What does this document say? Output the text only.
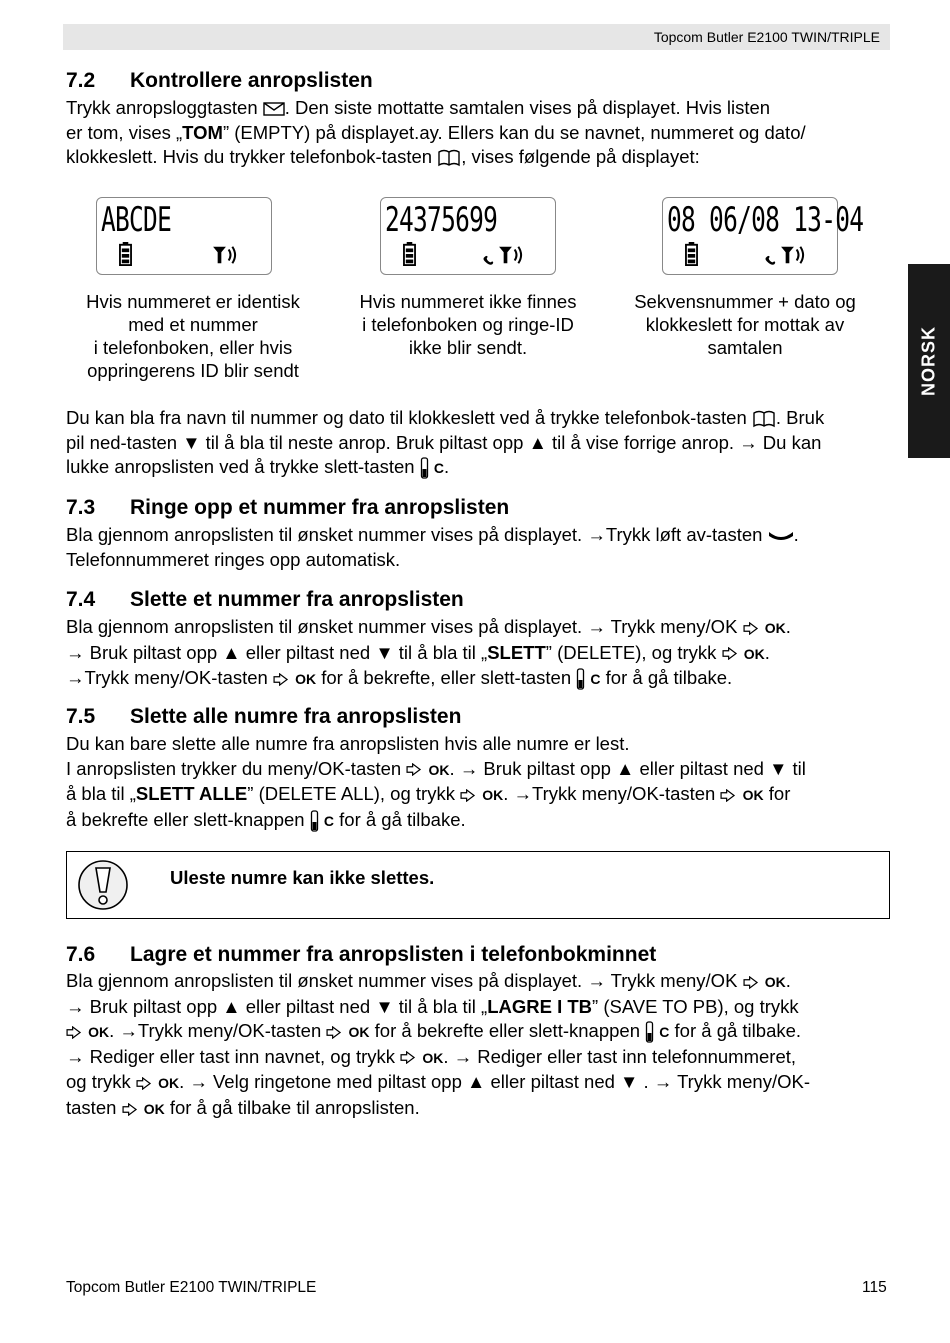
Topcom Butler E2100 TWIN/TRIPLE
NORSK
7.2 Kontrollere anropslisten
Trykk anropsloggtasten . Den siste mottatte samtalen vises på displayet. Hvis listen
er tom, vises „TOM” (EMPTY) på displayet.ay. Ellers kan du se navnet, nummeret og dato/
klokkeslett. Hvis du trykker telefonbok-tasten , vises følgende på displayet:
ABCDE	24375699	08 06/08 13-04
Hvis nummeret er identisk
med et nummer
i telefonboken, eller hvis
oppringerens ID blir sendt
Hvis nummeret ikke finnes
i telefonboken og ringe-ID
ikke blir sendt.
Sekvensnummer + dato og
klokkeslett for mottak av
samtalen
Du kan bla fra navn til nummer og dato til klokkeslett ved å trykke telefonbok-tasten . Bruk
pil ned-tasten ▼ til å bla til neste anrop. Bruk piltast opp ▲ til å vise forrige anrop. → Du kan
lukke anropslisten ved å trykke slett-tasten  C.
7.3 Ringe opp et nummer fra anropslisten
Bla gjennom anropslisten til ønsket nummer vises på displayet. →Trykk løft av-tasten .
Telefonnummeret ringes opp automatisk.
7.4 Slette et nummer fra anropslisten
Bla gjennom anropslisten til ønsket nummer vises på displayet. → Trykk meny/OK  OK.
→ Bruk piltast opp ▲ eller piltast ned ▼ til å bla til „SLETT” (DELETE), og trykk  OK.
→Trykk meny/OK-tasten  OK for å bekrefte, eller slett-tasten  C for å gå tilbake.
7.5 Slette alle numre fra anropslisten
Du kan bare slette alle numre fra anropslisten hvis alle numre er lest.
I anropslisten trykker du meny/OK-tasten  OK. → Bruk piltast opp ▲ eller piltast ned ▼ til
å bla til „SLETT ALLE” (DELETE ALL), og trykk  OK. →Trykk meny/OK-tasten  OK for
å bekrefte eller slett-knappen  C for å gå tilbake.
Uleste numre kan ikke slettes.
7.6 Lagre et nummer fra anropslisten i telefonbokminnet
Bla gjennom anropslisten til ønsket nummer vises på displayet. → Trykk meny/OK  OK.
→ Bruk piltast opp ▲ eller piltast ned ▼ til å bla til „LAGRE I TB” (SAVE TO PB), og trykk
OK. →Trykk meny/OK-tasten  OK for å bekrefte eller slett-knappen  C for å gå tilbake.
→ Rediger eller tast inn navnet, og trykk  OK. → Rediger eller tast inn telefonnummeret,
og trykk  OK. → Velg ringetone med piltast opp ▲ eller piltast ned ▼ . → Trykk meny/OK-
tasten  OK for å gå tilbake til anropslisten.
Topcom Butler E2100 TWIN/TRIPLE	115
